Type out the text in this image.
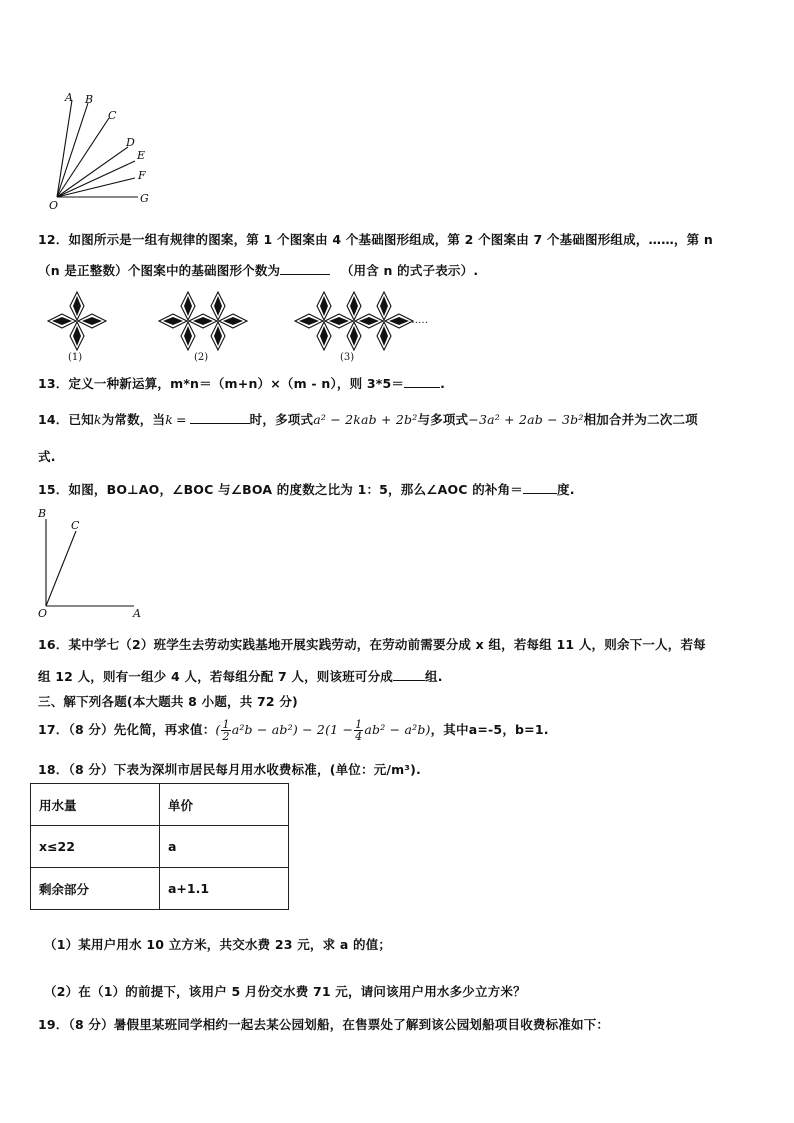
A B
C
D
E
F
G
O
12．如图所示是一组有规律的图案，第 1 个图案由 4 个基础图形组成，第 2 个图案由 7 个基础图形组成，……，第 n
（n 是正整数）个图案中的基础图形个数为	（用含 n 的式子表示）.
(1)	(2)	(3)
……
13．定义一种新运算，m*n＝（m+n）×（m - n），则 3*5＝	.
14．已知k为常数，当k =	时，多项式a² − 2kab + 2b²与多项式−3a² + 2ab − 3b²相加合并为二次二项
式.
15．如图，BO⊥AO，∠BOC 与∠BOA 的度数之比为 1：5，那么∠AOC 的补角＝	度.
B
C
O	A
16．某中学七（2）班学生去劳动实践基地开展实践劳动，在劳动前需要分成 x 组，若每组 11 人，则余下一人，若每
组 12 人，则有一组少 4 人，若每组分配 7 人，则该班可分成	组.
三、解下列各题(本大题共 8 小题，共 72 分)
17．（8 分）先化简，再求值：( $\frac{1}{2} a^2b - ab^2) - 2(1 - \frac{1}{4} ab^2 - a^2b)$，其中a=-5，b=1.
18．（8 分）下表为深圳市居民每月用水收费标准，(单位：元/m³).
用水量	单价
x≤22	a
剩余部分	a+1.1
（1）某用户用水 10 立方米，共交水费 23 元，求 a 的值；
（2）在（1）的前提下，该用户 5 月份交水费 71 元，请问该用户用水多少立方米？
19．（8 分）暑假里某班同学相约一起去某公园划船，在售票处了解到该公园划船项目收费标准如下：
